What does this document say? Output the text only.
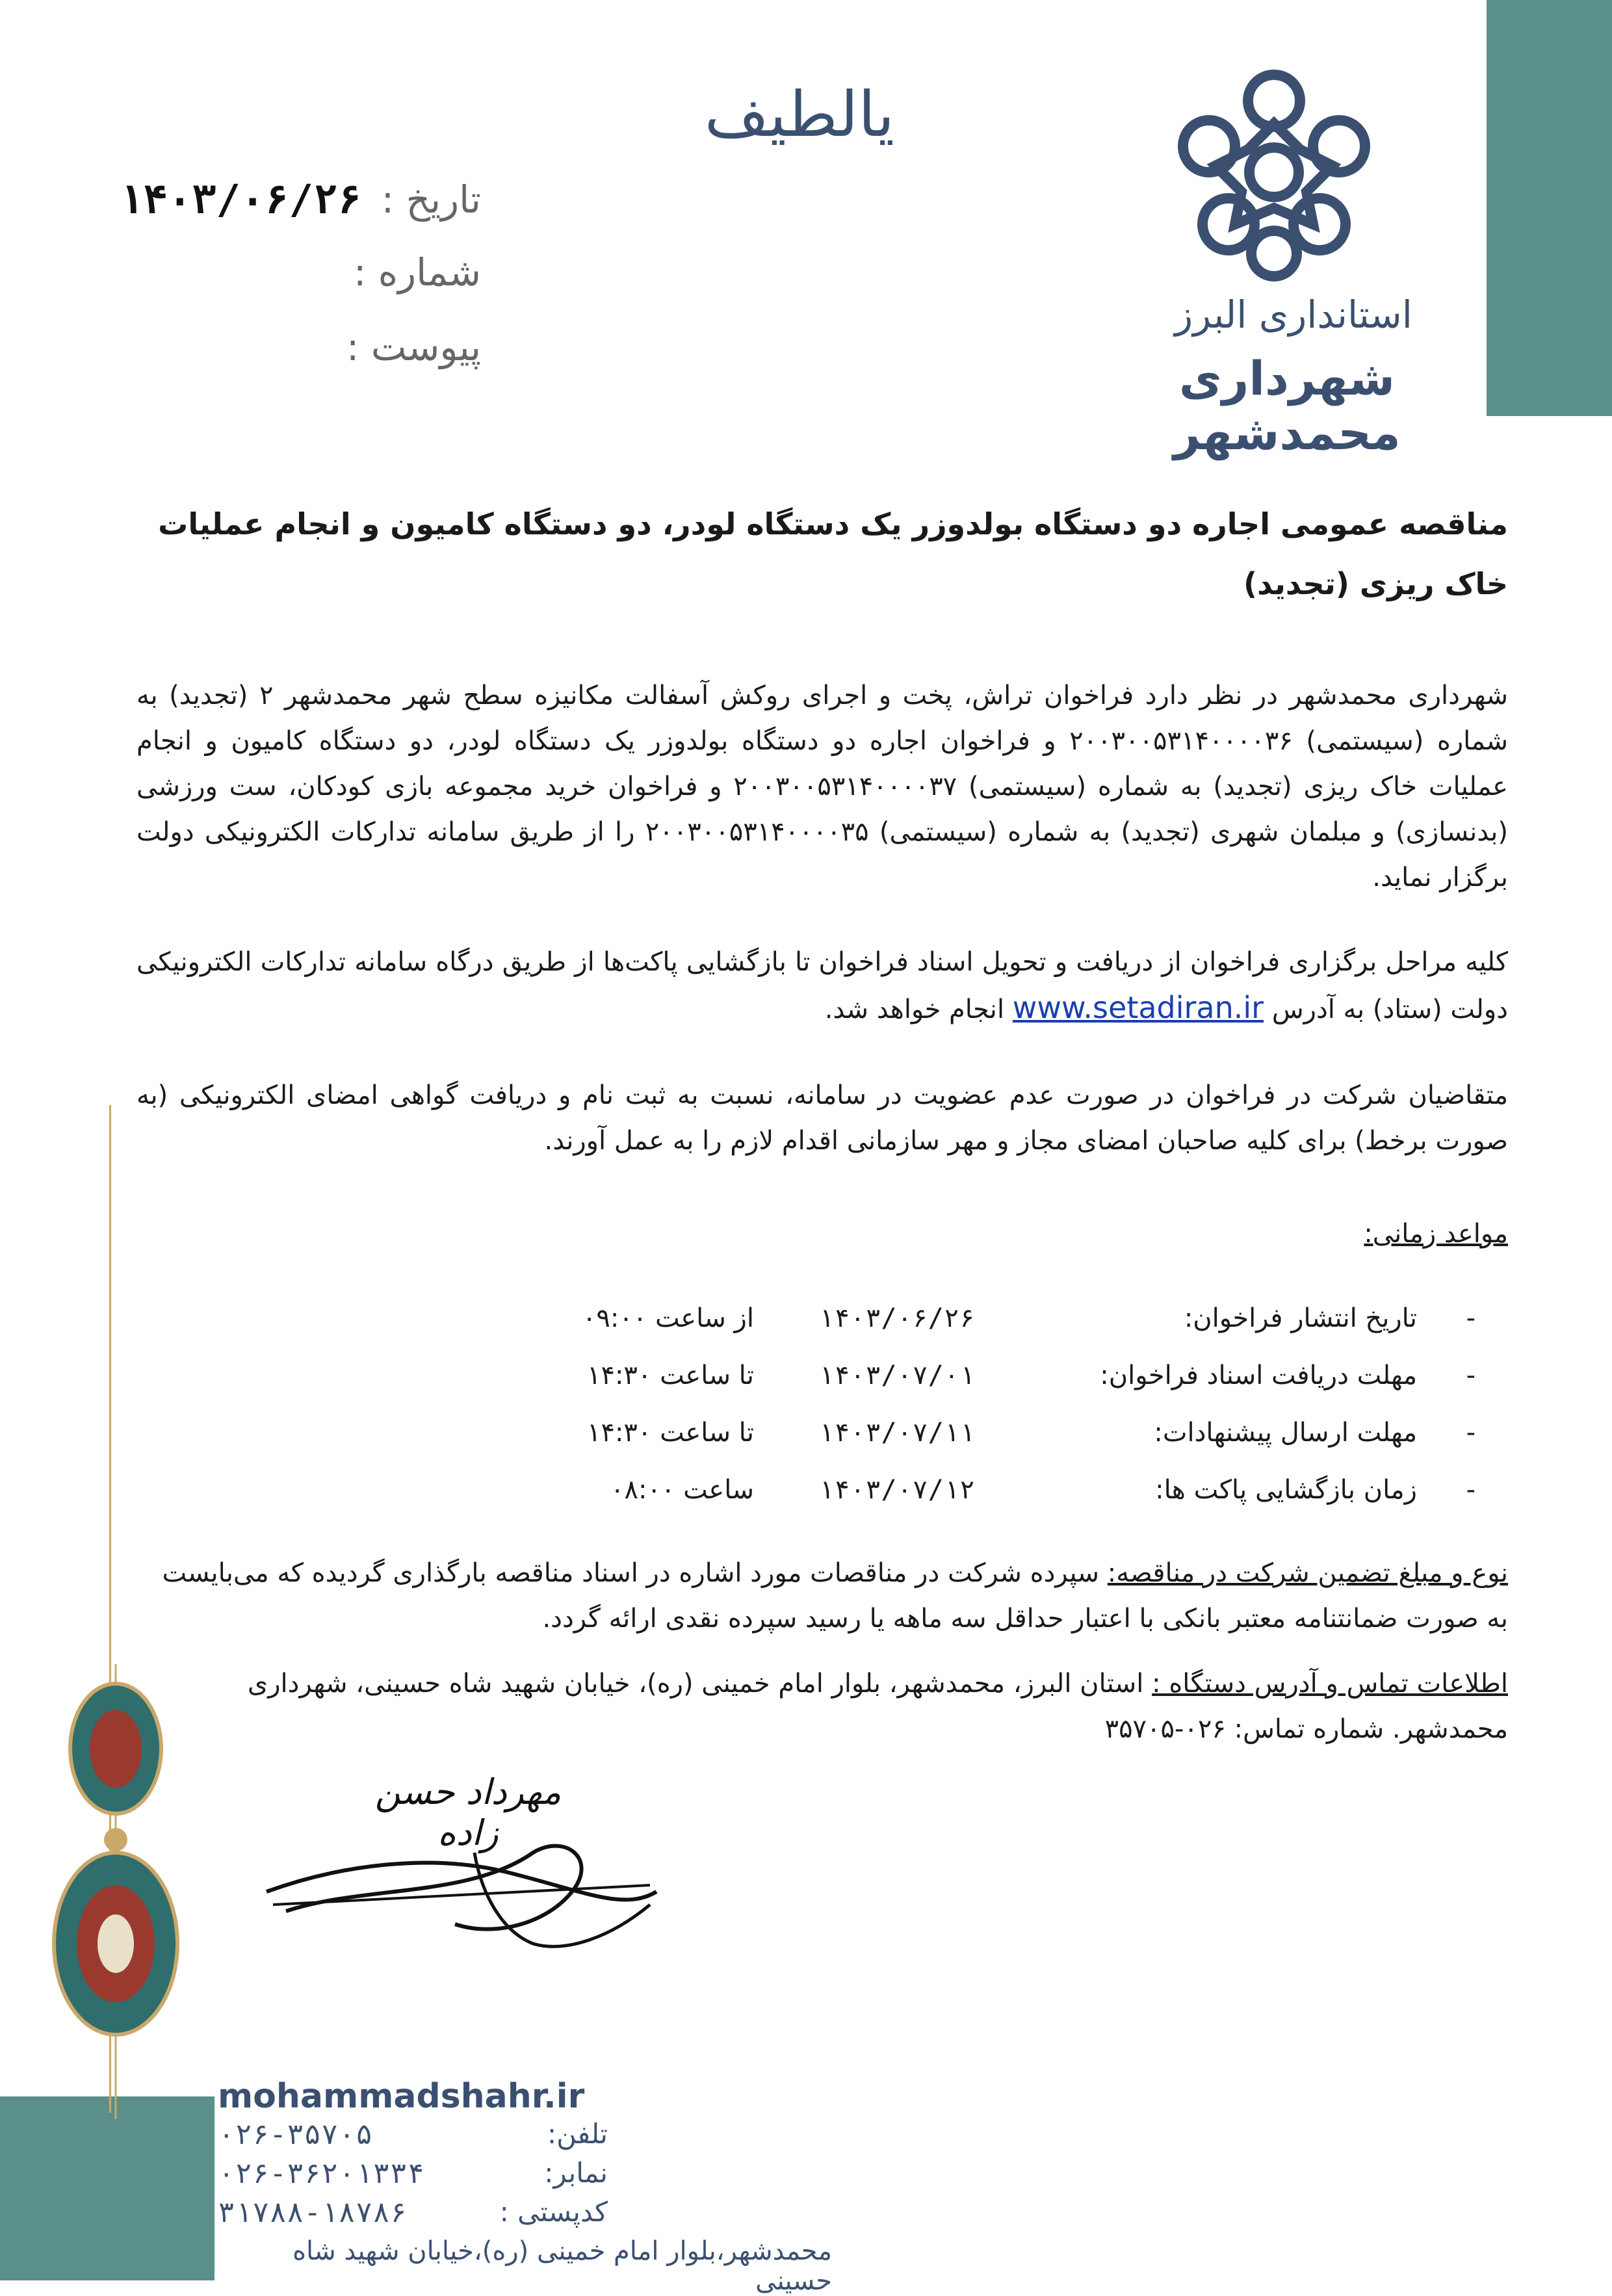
یالطیف
استانداری البرز
شهرداری محمدشهر
تاریخ :
۱۴۰۳/۰۶/۲۶
شماره :
پیوست :
مناقصه عمومی اجاره دو دستگاه بولدوزر یک دستگاه لودر، دو دستگاه کامیون و انجام عملیات خاک ریزی (تجدید)
شهرداری محمدشهر در نظر دارد فراخوان تراش، پخت و اجرای روکش آسفالت مکانیزه سطح شهر محمدشهر ۲ (تجدید) به شماره (سیستمی) ۲۰۰۳۰۰۵۳۱۴۰۰۰۰۳۶ و فراخوان اجاره دو دستگاه بولدوزر یک دستگاه لودر، دو دستگاه کامیون و انجام عملیات خاک ریزی (تجدید) به شماره (سیستمی) ۲۰۰۳۰۰۵۳۱۴۰۰۰۰۳۷ و فراخوان خرید مجموعه بازی کودکان، ست ورزشی (بدنسازی) و مبلمان شهری (تجدید) به شماره (سیستمی) ۲۰۰۳۰۰۵۳۱۴۰۰۰۰۳۵ را از طریق سامانه تدارکات الکترونیکی دولت برگزار نماید.
کلیه مراحل برگزاری فراخوان از دریافت و تحویل اسناد فراخوان تا بازگشایی پاکت‌ها از طریق درگاه سامانه تدارکات الکترونیکی دولت (ستاد) به آدرس www.setadiran.ir انجام خواهد شد.
متقاضیان شرکت در فراخوان در صورت عدم عضویت در سامانه، نسبت به ثبت نام و دریافت گواهی امضای الکترونیکی (به صورت برخط) برای کلیه صاحبان امضای مجاز و مهر سازمانی اقدام لازم را به عمل آورند.
مواعد زمانی:
-
تاریخ انتشار فراخوان:
۱۴۰۳/۰۶/۲۶
از ساعت ۰۹:۰۰
-
مهلت دریافت اسناد فراخوان:
۱۴۰۳/۰۷/۰۱
تا ساعت ۱۴:۳۰
-
مهلت ارسال پیشنهادات:
۱۴۰۳/۰۷/۱۱
تا ساعت ۱۴:۳۰
-
زمان بازگشایی پاکت ها:
۱۴۰۳/۰۷/۱۲
ساعت ۰۸:۰۰
نوع و مبلغ تضمین شرکت در مناقصه: سپرده شرکت در مناقصات مورد اشاره در اسناد مناقصه بارگذاری گردیده که می‌بایست به صورت ضمانتنامه معتبر بانکی با اعتبار حداقل سه ماهه یا رسید سپرده نقدی ارائه گردد.
اطلاعات تماس و آدرس دستگاه : استان البرز، محمدشهر، بلوار امام خمینی (ره)، خیابان شهید شاه حسینی، شهرداری محمدشهر. شماره تماس: ۰۲۶-۳۵۷۰۵
مهرداد حسن زاده
mohammadshahr.ir
۰۲۶-۳۵۷۰۵	تلفن:
۰۲۶-۳۶۲۰۱۳۳۴	نمابر:
۳۱۷۸۸-۱۸۷۸۶	کدپستی :
محمدشهر،بلوار امام خمینی (ره)،خیابان شهید شاه حسینی
